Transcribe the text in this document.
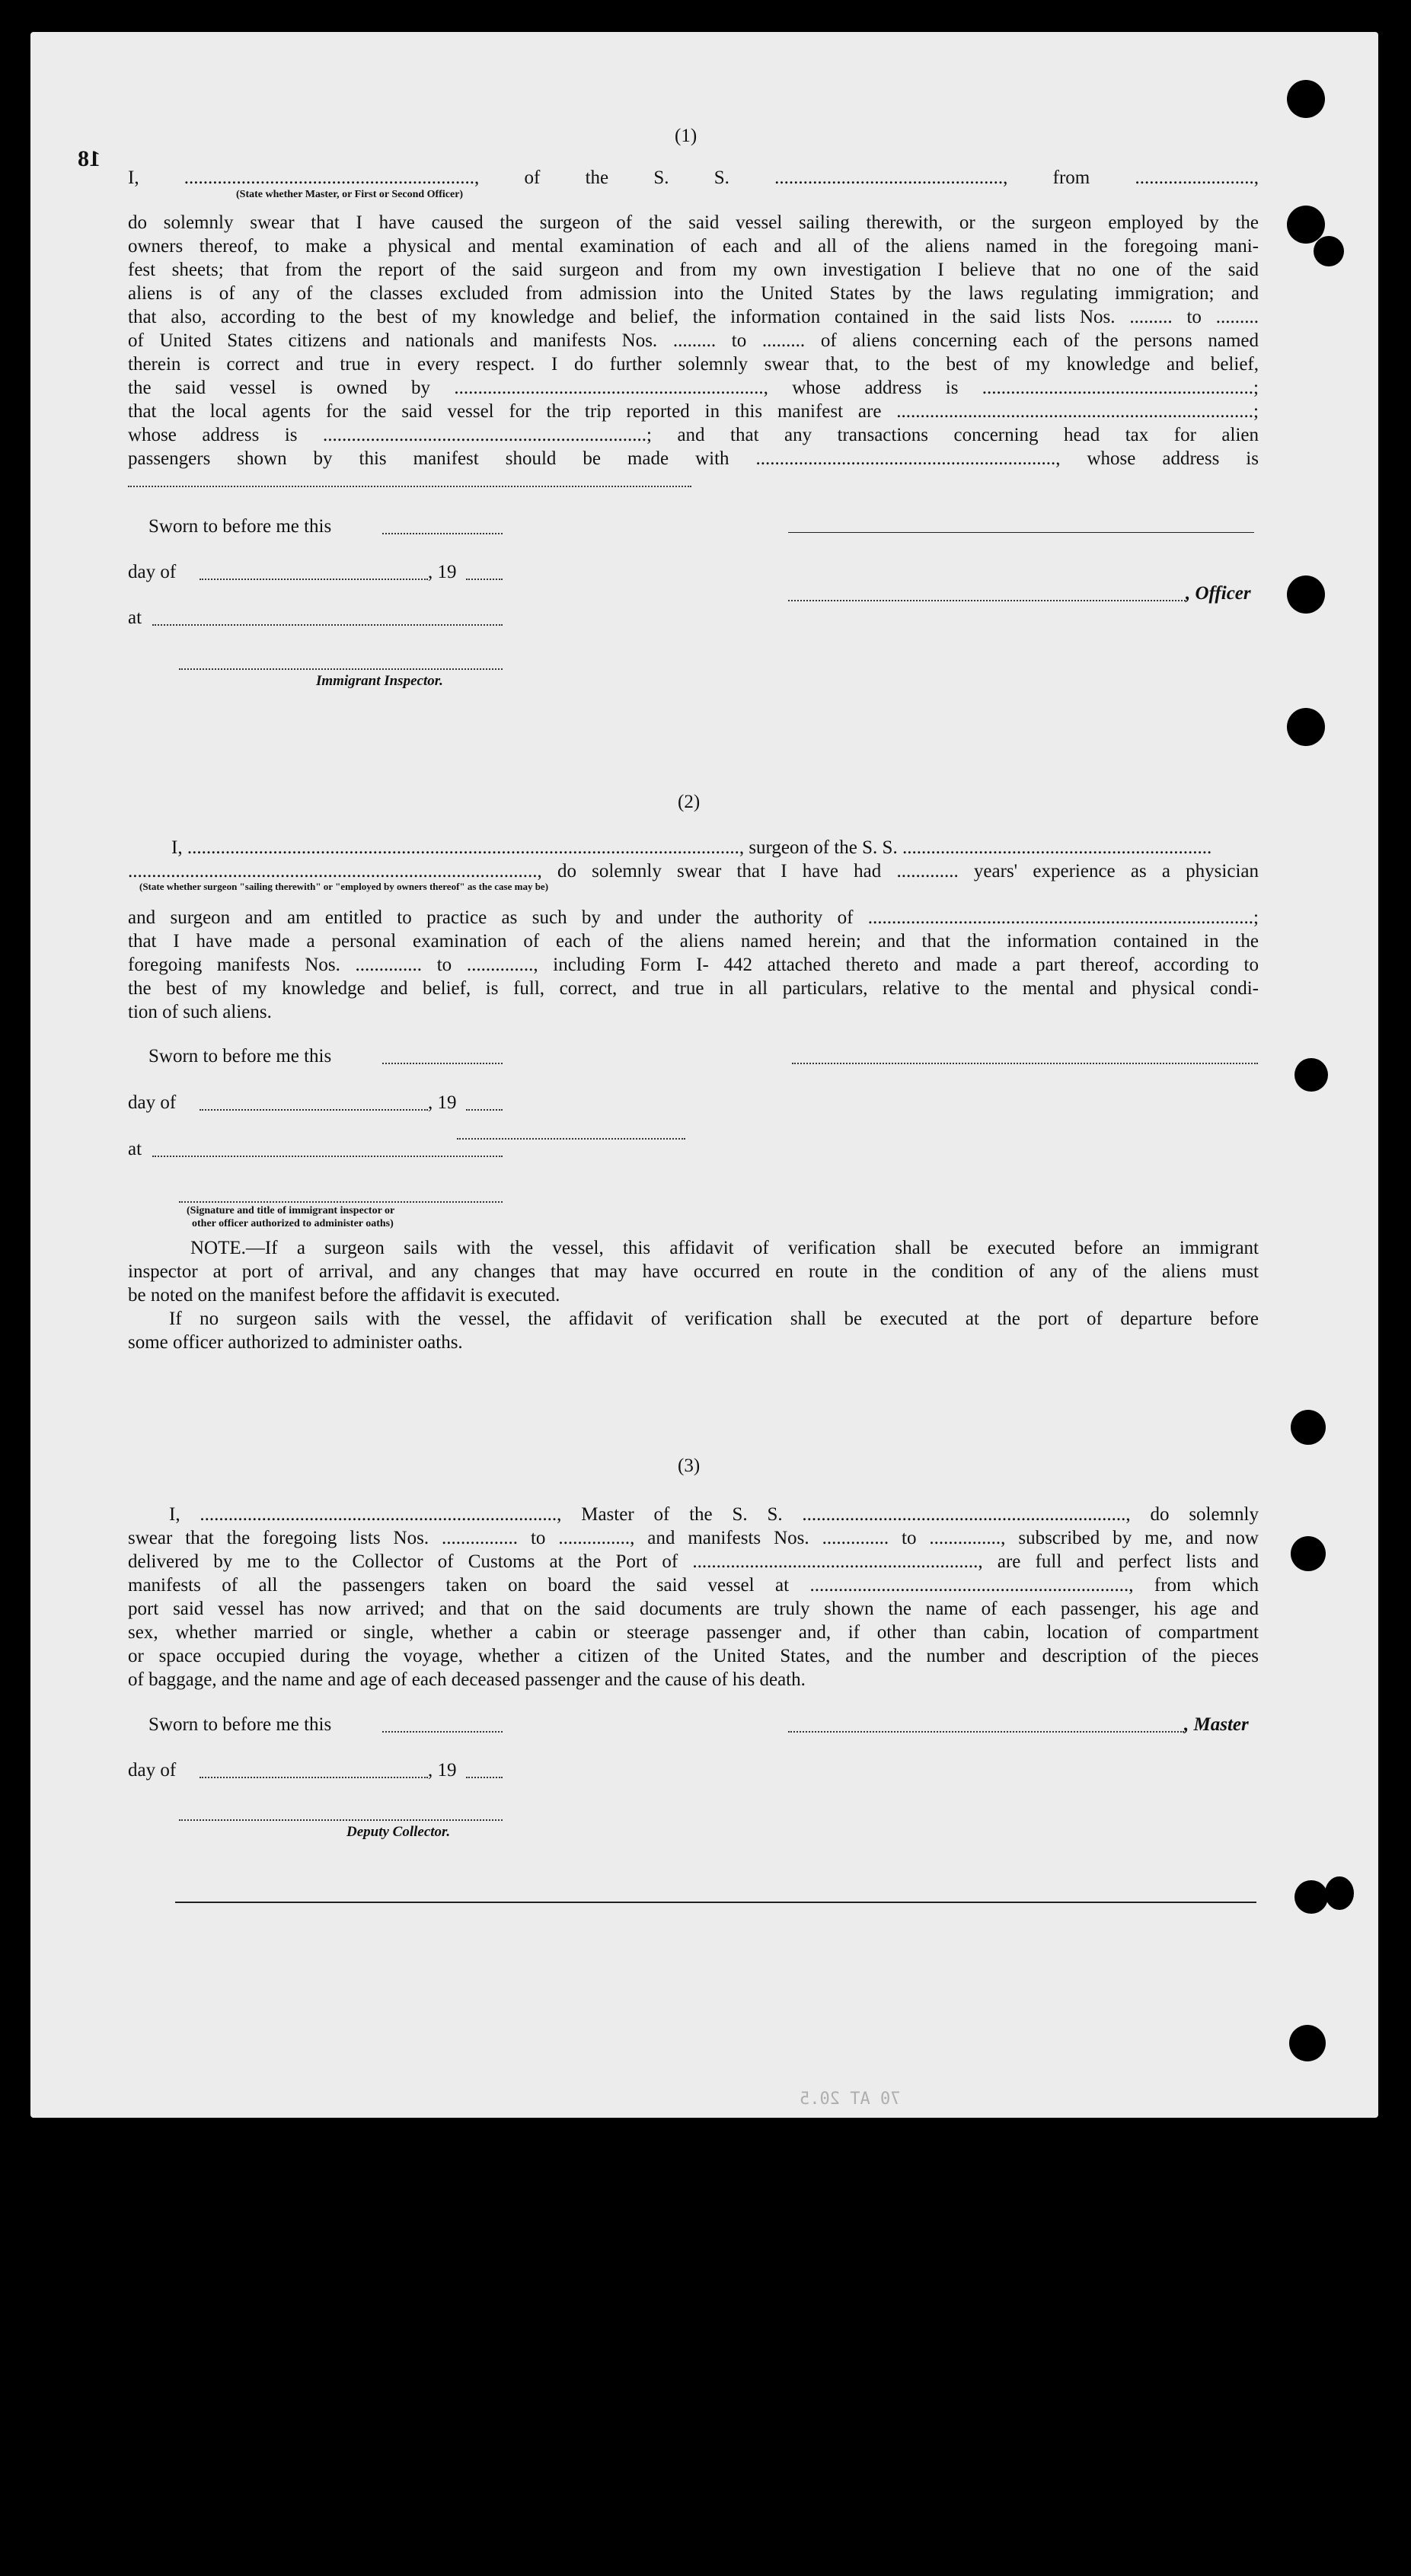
18
(1)
I, ............................................................., of the S. S. ................................................, from .........................,
(State whether Master, or First or Second Officer)
do solemnly swear that I have caused the surgeon of the said vessel sailing therewith, or the surgeon employed by the
owners thereof, to make a physical and mental examination of each and all of the aliens named in the foregoing mani-
fest sheets; that from the report of the said surgeon and from my own investigation I believe that no one of the said
aliens is of any of the classes excluded from admission into the United States by the laws regulating immigration; and
that also, according to the best of my knowledge and belief, the information contained in the said lists Nos. ......... to .........
of United States citizens and nationals and manifests Nos. ......... to ......... of aliens concerning each of the persons named
therein is correct and true in every respect. I do further solemnly swear that, to the best of my knowledge and belief,
the said vessel is owned by ................................................................., whose address is .........................................................;
that the local agents for the said vessel for the trip reported in this manifest are ...........................................................................;
whose address is ....................................................................; and that any transactions concerning head tax for alien
passengers shown by this manifest should be made with ..............................................................., whose address is
Sworn to before me this
day of	, 19
, Officer
at
Immigrant Inspector.
(2)
I, ...................................................................................................................., surgeon of the S. S. .................................................................
......................................................................................, do solemnly swear that I have had ............. years' experience as a physician
(State whether surgeon "sailing therewith" or "employed by owners thereof" as the case may be)
and surgeon and am entitled to practice as such by and under the authority of .................................................................................;
that I have made a personal examination of each of the aliens named herein; and that the information contained in the
foregoing manifests Nos. .............. to .............., including Form I- 442 attached thereto and made a part thereof, according to
the best of my knowledge and belief, is full, correct, and true in all particulars, relative to the mental and physical condi-
tion of such aliens.
Sworn to before me this
day of	, 19
at
(Signature and title of immigrant inspector or
other officer authorized to administer oaths)
NOTE.—If a surgeon sails with the vessel, this affidavit of verification shall be executed before an immigrant
inspector at port of arrival, and any changes that may have occurred en route in the condition of any of the aliens must
be noted on the manifest before the affidavit is executed.
If no surgeon sails with the vessel, the affidavit of verification shall be executed at the port of departure before
some officer authorized to administer oaths.
(3)
I, ..........................................................................., Master of the S. S. ...................................................................., do solemnly
swear that the foregoing lists Nos. ................ to ..............., and manifests Nos. .............. to ..............., subscribed by me, and now
delivered by me to the Collector of Customs at the Port of ............................................................, are full and perfect lists and
manifests of all the passengers taken on board the said vessel at ..................................................................., from which
port said vessel has now arrived; and that on the said documents are truly shown the name of each passenger, his age and
sex, whether married or single, whether a cabin or steerage passenger and, if other than cabin, location of compartment
or space occupied during the voyage, whether a citizen of the United States, and the number and description of the pieces
of baggage, and the name and age of each deceased passenger and the cause of his death.
Sworn to before me this	, Master
day of	, 19
Deputy Collector.
70 AT 20.5
